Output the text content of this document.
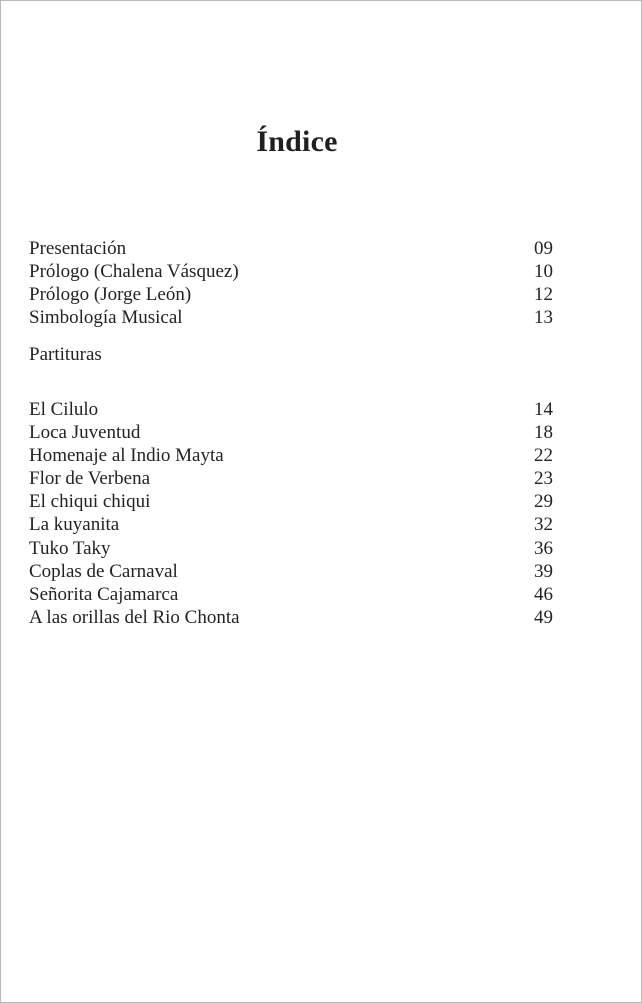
Índice
Presentación	09
Prólogo (Chalena Vásquez)	10
Prólogo (Jorge León)	12
Simbología Musical	13
Partituras
El Cilulo	14
Loca Juventud	18
Homenaje al Indio Mayta	22
Flor de Verbena	23
El chiqui chiqui	29
La kuyanita	32
Tuko Taky	36
Coplas de Carnaval	39
Señorita Cajamarca	46
A las orillas del Rio Chonta	49
